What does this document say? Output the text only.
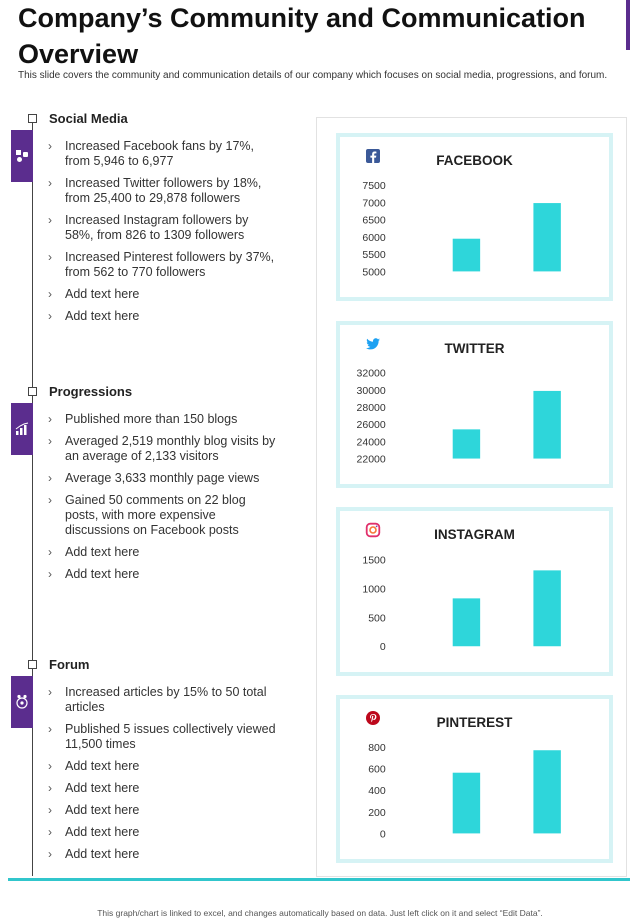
Company’s Community and Communication Overview
This slide covers the community and communication details of our company which focuses on social media, progressions, and forum.
Social Media
› Increased Facebook fans by 17%, from 5,946 to 6,977
› Increased Twitter followers by 18%, from 25,400 to 29,878 followers
› Increased Instagram followers by 58%, from 826 to 1309 followers
› Increased Pinterest followers by 37%, from 562 to 770 followers
› Add text here
› Add text here
Progressions
› Published more than 150 blogs
› Averaged 2,519 monthly blog visits by an average of 2,133 visitors
› Average 3,633 monthly page views
› Gained 50 comments on 22 blog posts, with more expensive discussions on Facebook posts
› Add text here
› Add text here
Forum
› Increased articles by 15% to 50 total articles
› Published 5 issues collectively viewed 11,500 times
› Add text here
› Add text here
› Add text here
› Add text here
› Add text here
FACEBOOK
5000
5500
6000
6500
7000
7500
TWITTER
22000
24000
26000
28000
30000
32000
INSTAGRAM
0
500
1000
1500
PINTEREST
0
200
400
600
800
This graph/chart is linked to excel, and changes automatically based on data. Just left click on it and select “Edit Data”.
